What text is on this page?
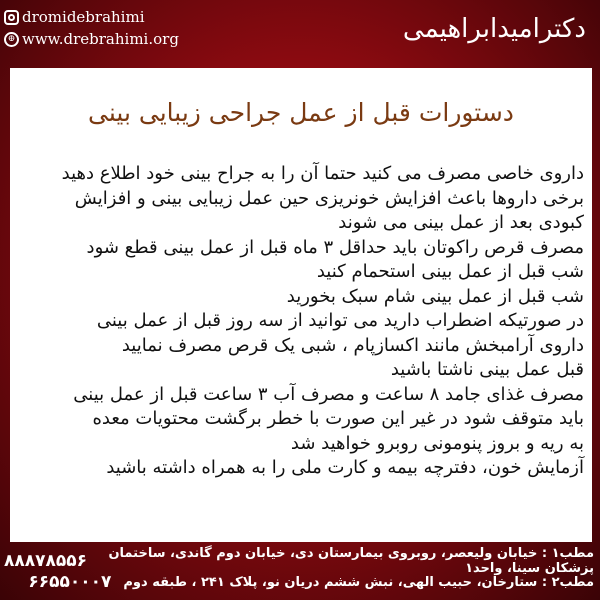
dromidebrahimi
⊕ www.drebrahimi.org	دکترامیدابراهیمی
دستورات قبل از عمل جراحی زیبایی بینی
داروی خاصی مصرف می کنید حتما آن را به جراح بینی خود اطلاع دهید
برخی داروها باعث افزایش خونریزی حین عمل زیبایی بینی و افزایش
کبودی بعد از عمل بینی می شوند
مصرف قرص راکوتان باید حداقل ۳ ماه قبل از عمل بینی قطع شود
شب قبل از عمل بینی استحمام کنید
شب قبل از عمل بینی شام سبک بخورید
در صورتیکه اضطراب دارید می توانید از سه روز قبل از عمل بینی
داروی آرامبخش مانند اکسازپام ، شبی یک قرص مصرف نمایید
قبل عمل بینی ناشتا باشید
مصرف غذای جامد ۸ ساعت و مصرف آب ۳ ساعت قبل از عمل بینی
باید متوقف شود در غیر این صورت با خطر برگشت محتویات معده
به ریه و بروز پنومونی روبرو خواهید شد
آزمایش خون، دفترچه بیمه و کارت ملی را به همراه داشته باشید
مطب۱ : خیابان ولیعصر، روبروی بیمارستان دی، خیابان دوم گاندی، ساختمان پزشکان سینا، واحد۱
۸۸۸۷۸۵۵۶
مطب۲ : ستارخان، حبیب الهی، نبش ششم دریان نو، پلاک ۲۴۱ ، طبقه دوم
۶۶۵۵۰۰۰۷
